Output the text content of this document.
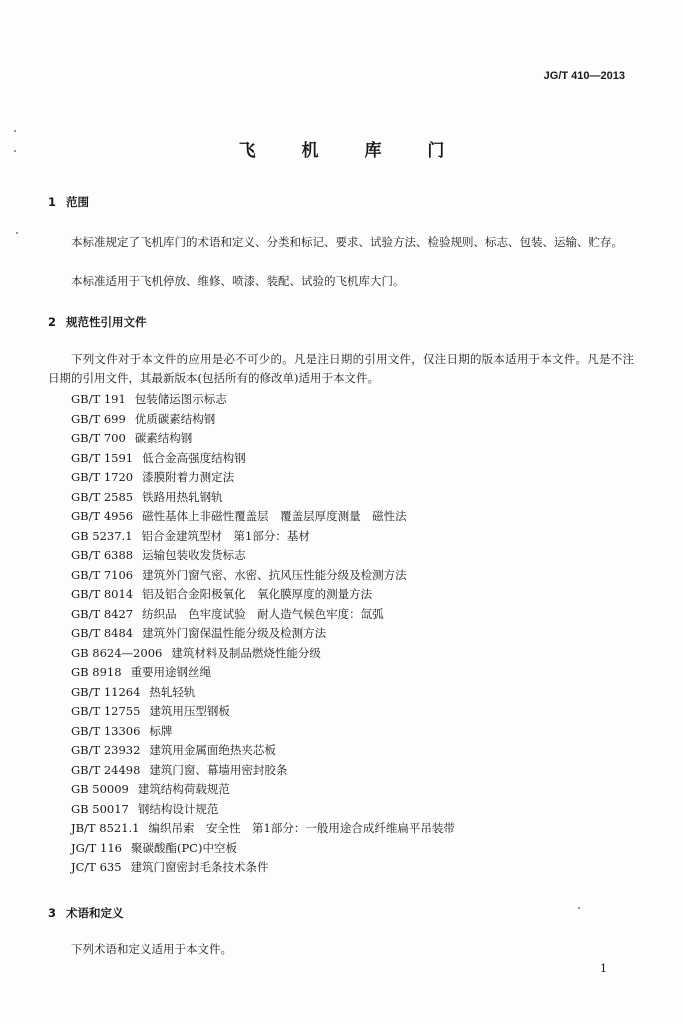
JG/T 410—2013
飞 机 库 门
1 范围
本标准规定了飞机库门的术语和定义、分类和标记、要求、试验方法、检验规则、标志、包装、运输、贮存。
本标准适用于飞机停放、维修、喷漆、装配、试验的飞机库大门。
2 规范性引用文件
下列文件对于本文件的应用是必不可少的。凡是注日期的引用文件，仅注日期的版本适用于本文件。凡是不注日期的引用文件，其最新版本(包括所有的修改单)适用于本文件。
GB/T 191 包装储运图示标志
GB/T 699 优质碳素结构钢
GB/T 700 碳素结构钢
GB/T 1591 低合金高强度结构钢
GB/T 1720 漆膜附着力测定法
GB/T 2585 铁路用热轧钢轨
GB/T 4956 磁性基体上非磁性覆盖层　覆盖层厚度测量　磁性法
GB 5237.1 铝合金建筑型材　第1部分：基材
GB/T 6388 运输包装收发货标志
GB/T 7106 建筑外门窗气密、水密、抗风压性能分级及检测方法
GB/T 8014 铝及铝合金阳极氧化　氧化膜厚度的测量方法
GB/T 8427 纺织品　色牢度试验　耐人造气候色牢度：氙弧
GB/T 8484 建筑外门窗保温性能分级及检测方法
GB 8624—2006 建筑材料及制品燃烧性能分级
GB 8918 重要用途钢丝绳
GB/T 11264 热轧轻轨
GB/T 12755 建筑用压型钢板
GB/T 13306 标牌
GB/T 23932 建筑用金属面绝热夹芯板
GB/T 24498 建筑门窗、幕墙用密封胶条
GB 50009 建筑结构荷载规范
GB 50017 钢结构设计规范
JB/T 8521.1 编织吊索　安全性　第1部分：一般用途合成纤维扁平吊装带
JG/T 116 聚碳酸酯(PC)中空板
JC/T 635 建筑门窗密封毛条技术条件
3 术语和定义
下列术语和定义适用于本文件。
1
